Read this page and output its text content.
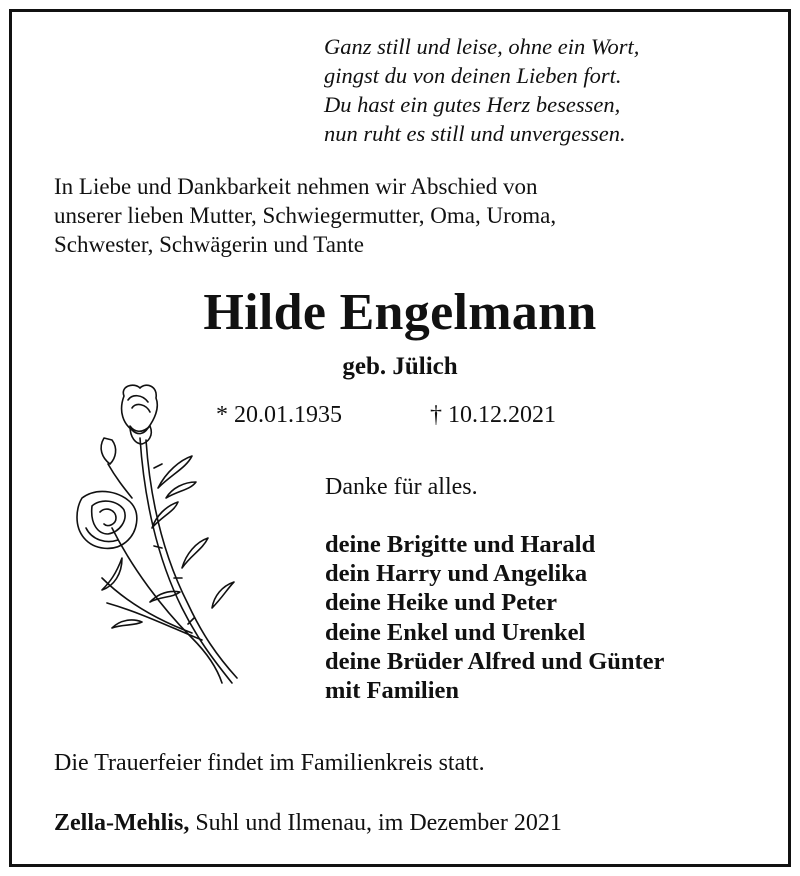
Ganz still und leise, ohne ein Wort,
gingst du von deinen Lieben fort.
Du hast ein gutes Herz besessen,
nun ruht es still und unvergessen.
In Liebe und Dankbarkeit nehmen wir Abschied von
unserer lieben Mutter, Schwiegermutter, Oma, Uroma,
Schwester, Schwägerin und Tante
Hilde Engelmann
geb. Jülich
* 20.01.1935	† 10.12.2021
Danke für alles.
deine Brigitte und Harald
dein Harry und Angelika
deine Heike und Peter
deine Enkel und Urenkel
deine Brüder Alfred und Günter
mit Familien
Die Trauerfeier findet im Familienkreis statt.
Zella-Mehlis, Suhl und Ilmenau, im Dezember 2021
